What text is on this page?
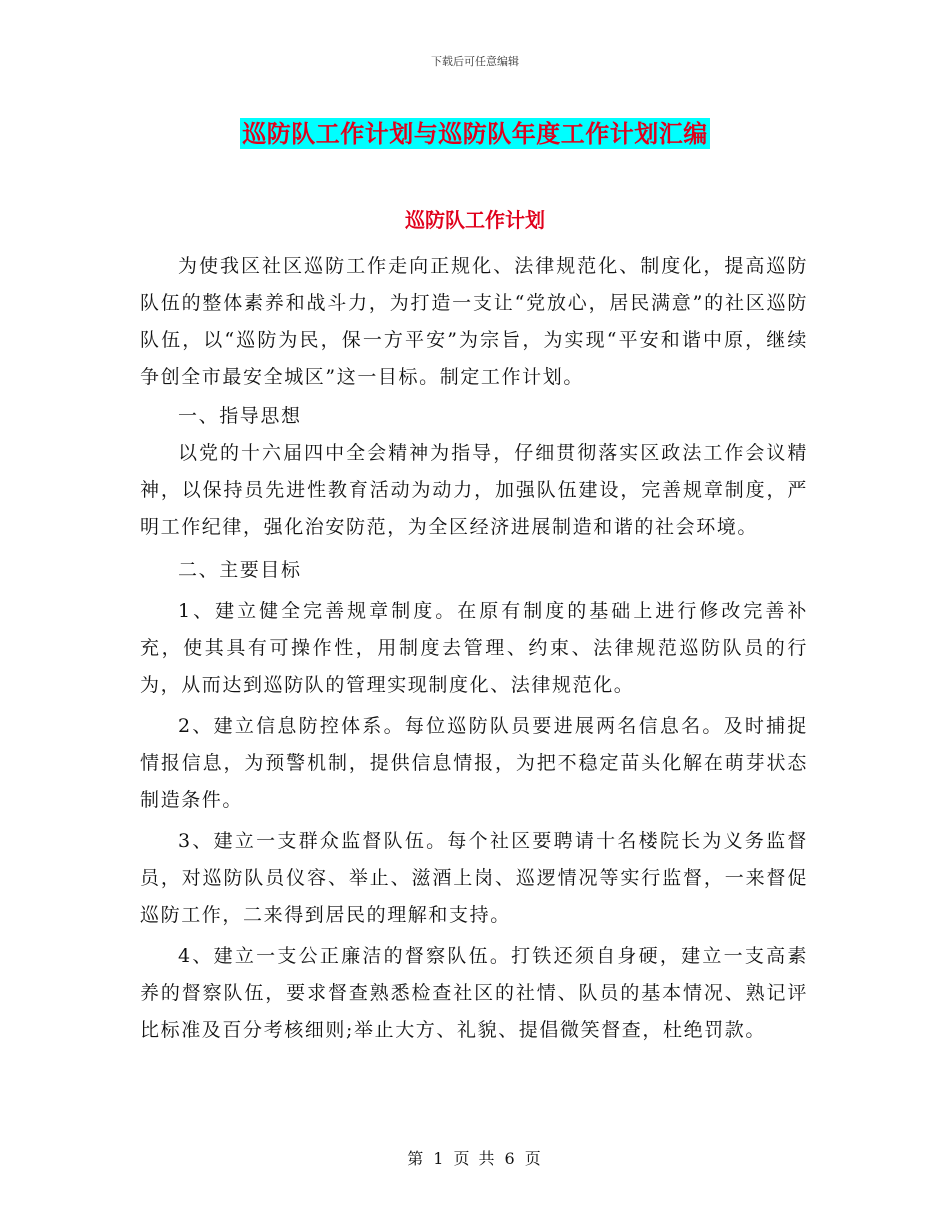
下载后可任意编辑
巡防队工作计划与巡防队年度工作计划汇编
巡防队工作计划

为使我区社区巡防工作走向正规化、法律规范化、制度化，提高巡防队伍的整体素养和战斗力，为打造一支让“党放心，居民满意”的社区巡防队伍，以“巡防为民，保一方平安”为宗旨，为实现“平安和谐中原，继续争创全市最安全城区”这一目标。制定工作计划。

一、指导思想

以党的十六届四中全会精神为指导，仔细贯彻落实区政法工作会议精神，以保持员先进性教育活动为动力，加强队伍建设，完善规章制度，严明工作纪律，强化治安防范，为全区经济进展制造和谐的社会环境。

二、主要目标

1、建立健全完善规章制度。在原有制度的基础上进行修改完善补充，使其具有可操作性，用制度去管理、约束、法律规范巡防队员的行为，从而达到巡防队的管理实现制度化、法律规范化。

2、建立信息防控体系。每位巡防队员要进展两名信息名。及时捕捉情报信息，为预警机制，提供信息情报，为把不稳定苗头化解在萌芽状态制造条件。

3、建立一支群众监督队伍。每个社区要聘请十名楼院长为义务监督员，对巡防队员仪容、举止、滋酒上岗、巡逻情况等实行监督，一来督促巡防工作，二来得到居民的理解和支持。

4、建立一支公正廉洁的督察队伍。打铁还须自身硬，建立一支高素养的督察队伍，要求督查熟悉检查社区的社情、队员的基本情况、熟记评比标准及百分考核细则;举止大方、礼貌、提倡微笑督查，杜绝罚款。

第 1 页 共 6 页
